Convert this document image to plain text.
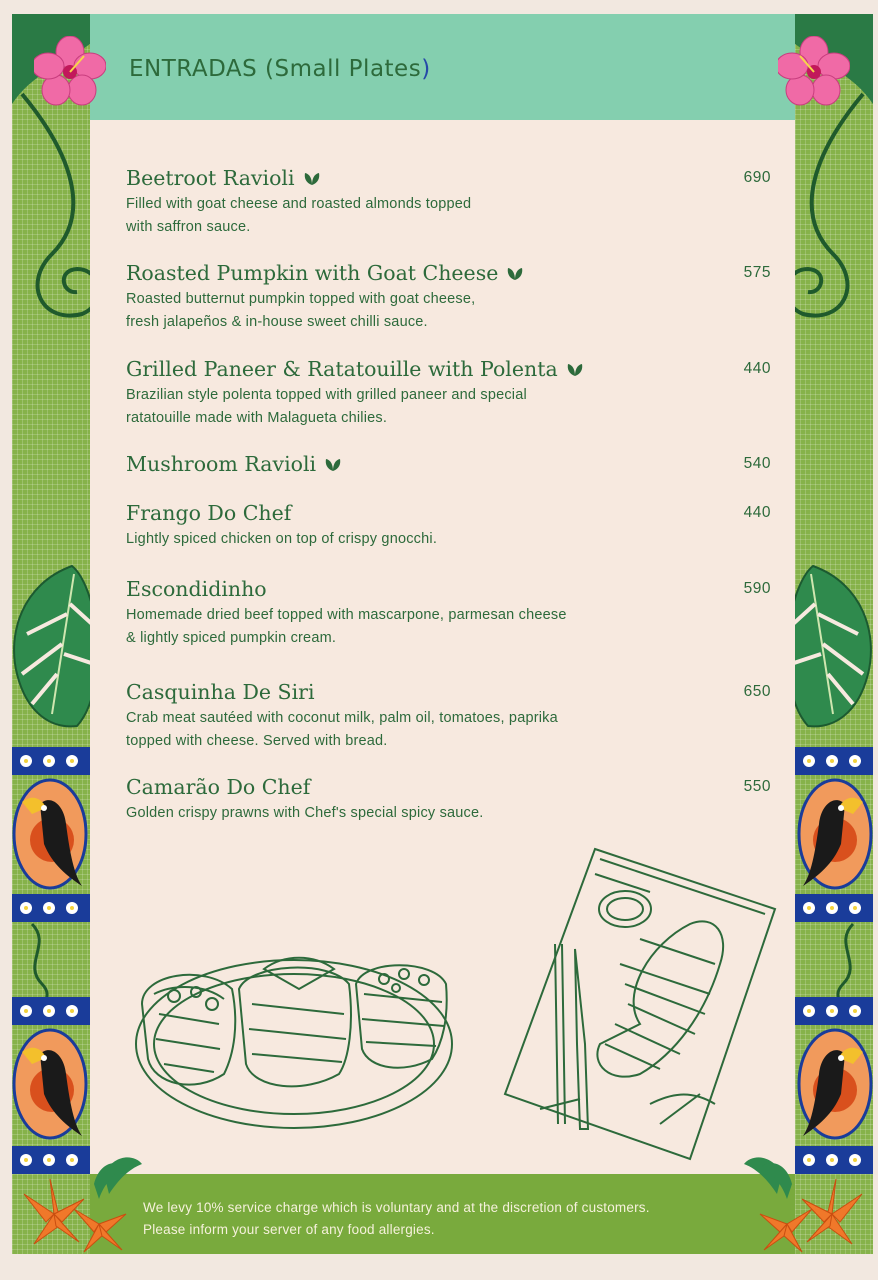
ENTRADAS (Small Plates)
Beetroot Ravioli
Filled with goat cheese and roasted almonds topped
with saffron sauce.
690
Roasted Pumpkin with Goat Cheese
Roasted butternut pumpkin topped with goat cheese,
fresh jalapeños & in-house sweet chilli sauce.
575
Grilled Paneer & Ratatouille with Polenta
Brazilian style polenta topped with grilled paneer and special
ratatouille made with Malagueta chilies.
440
Mushroom Ravioli	540
Frango Do Chef
Lightly spiced chicken on top of crispy gnocchi.
440
Escondidinho
Homemade dried beef topped with mascarpone, parmesan cheese
& lightly spiced pumpkin cream.
590
Casquinha De Siri
Crab meat sautéed with coconut milk, palm oil, tomatoes, paprika
topped with cheese. Served with bread.
650
Camarão Do Chef
Golden crispy prawns with Chef's special spicy sauce.
550
We levy 10% service charge which is voluntary and at the discretion of customers.
Please inform your server of any food allergies.
